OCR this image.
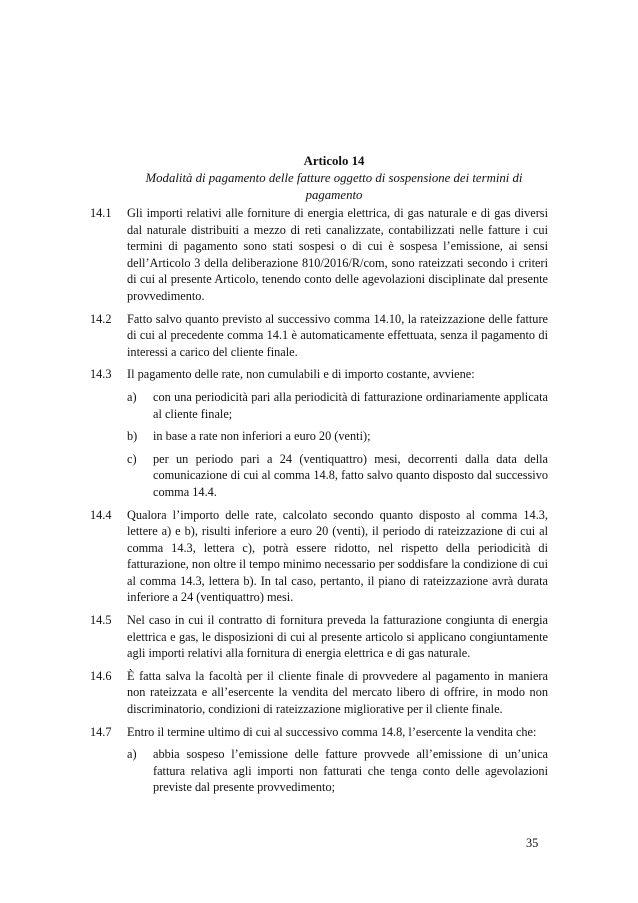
Articolo 14
Modalità di pagamento delle fatture oggetto di sospensione dei termini di pagamento
14.1	Gli importi relativi alle forniture di energia elettrica, di gas naturale e di gas diversi dal naturale distribuiti a mezzo di reti canalizzate, contabilizzati nelle fatture i cui termini di pagamento sono stati sospesi o di cui è sospesa l’emissione, ai sensi dell’Articolo 3 della deliberazione 810/2016/R/com, sono rateizzati secondo i criteri di cui al presente Articolo, tenendo conto delle agevolazioni disciplinate dal presente provvedimento.

14.2	Fatto salvo quanto previsto al successivo comma 14.10, la rateizzazione delle fatture di cui al precedente comma 14.1 è automaticamente effettuata, senza il pagamento di interessi a carico del cliente finale.

14.3	Il pagamento delle rate, non cumulabili e di importo costante, avviene:

a)	con una periodicità pari alla periodicità di fatturazione ordinariamente applicata al cliente finale;
b)	in base a rate non inferiori a euro 20 (venti);
c)	per un periodo pari a 24 (ventiquattro) mesi, decorrenti dalla data della comunicazione di cui al comma 14.8, fatto salvo quanto disposto dal successivo comma 14.4.
14.4	Qualora l’importo delle rate, calcolato secondo quanto disposto al comma 14.3, lettere a) e b), risulti inferiore a euro 20 (venti), il periodo di rateizzazione di cui al comma 14.3, lettera c), potrà essere ridotto, nel rispetto della periodicità di fatturazione, non oltre il tempo minimo necessario per soddisfare la condizione di cui al comma 14.3, lettera b). In tal caso, pertanto, il piano di rateizzazione avrà durata inferiore a 24 (ventiquattro) mesi.

14.5	Nel caso in cui il contratto di fornitura preveda la fatturazione congiunta di energia elettrica e gas, le disposizioni di cui al presente articolo si applicano congiuntamente agli importi relativi alla fornitura di energia elettrica e di gas naturale.

14.6	È fatta salva la facoltà per il cliente finale di provvedere al pagamento in maniera non rateizzata e all’esercente la vendita del mercato libero di offrire, in modo non discriminatorio, condizioni di rateizzazione migliorative per il cliente finale.

14.7	Entro il termine ultimo di cui al successivo comma 14.8, l’esercente la vendita che:

a)	abbia sospeso l’emissione delle fatture provvede all’emissione di un’unica fattura relativa agli importi non fatturati che tenga conto delle agevolazioni previste dal presente provvedimento;
35
